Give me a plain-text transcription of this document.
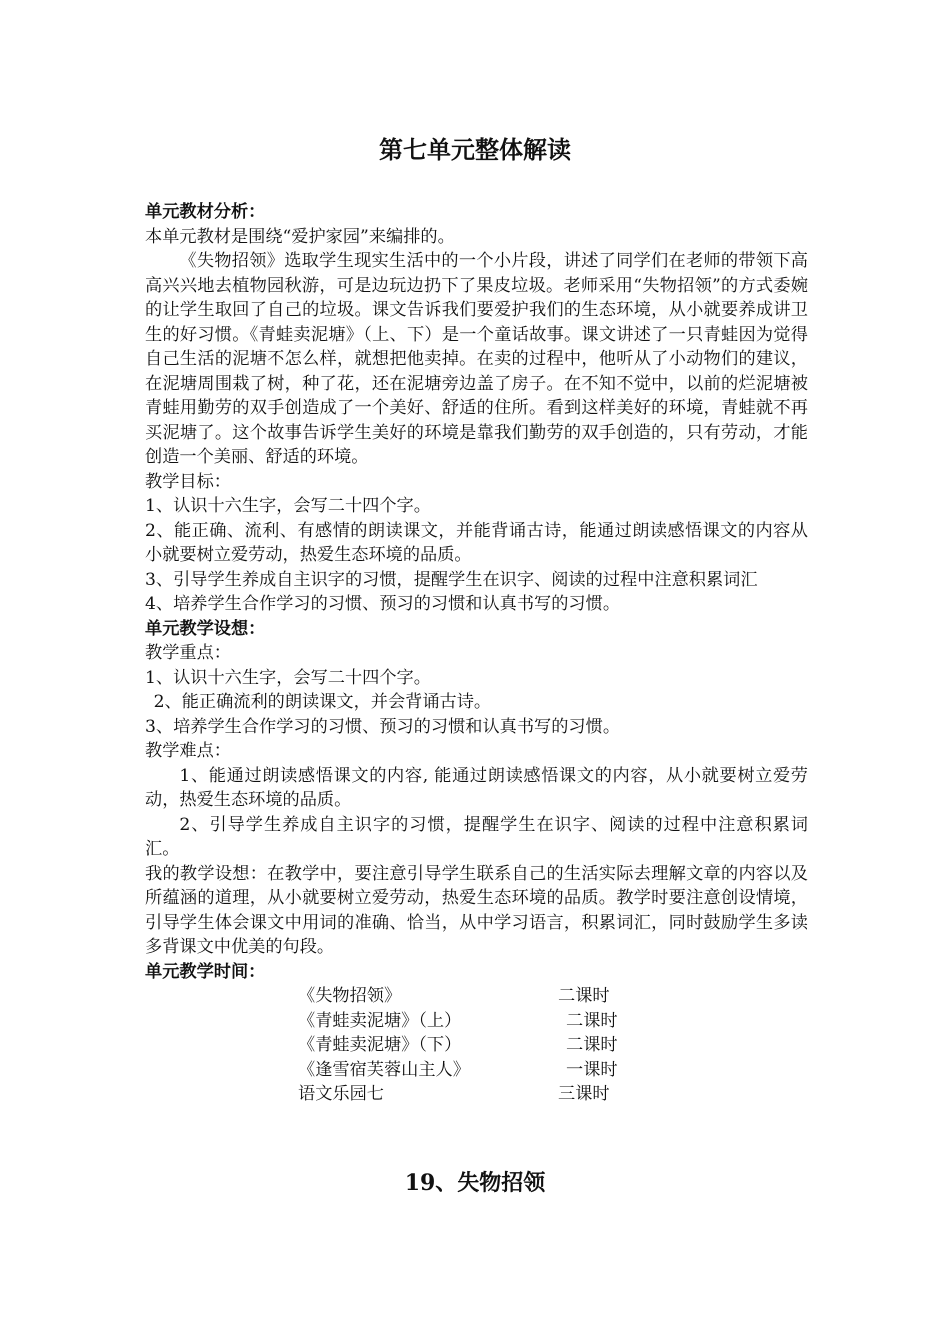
第七单元整体解读

单元教材分析：

本单元教材是围绕“爱护家园”来编排的。

《失物招领》选取学生现实生活中的一个小片段，讲述了同学们在老师的带领下高高兴兴地去植物园秋游，可是边玩边扔下了果皮垃圾。老师采用“失物招领”的方式委婉的让学生取回了自己的垃圾。课文告诉我们要爱护我们的生态环境，从小就要养成讲卫生的好习惯。《青蛙卖泥塘》（上、下）是一个童话故事。课文讲述了一只青蛙因为觉得自己生活的泥塘不怎么样，就想把他卖掉。在卖的过程中，他听从了小动物们的建议，在泥塘周围栽了树，种了花，还在泥塘旁边盖了房子。在不知不觉中，以前的烂泥塘被青蛙用勤劳的双手创造成了一个美好、舒适的住所。看到这样美好的环境，青蛙就不再买泥塘了。这个故事告诉学生美好的环境是靠我们勤劳的双手创造的，只有劳动，才能创造一个美丽、舒适的环境。

教学目标：

1、认识十六生字，会写二十四个字。

2、能正确、流利、有感情的朗读课文，并能背诵古诗，能通过朗读感悟课文的内容从小就要树立爱劳动，热爱生态环境的品质。

3、引导学生养成自主识字的习惯，提醒学生在识字、阅读的过程中注意积累词汇

4、培养学生合作学习的习惯、预习的习惯和认真书写的习惯。

单元教学设想：

教学重点：

1、认识十六生字，会写二十四个字。

2、能正确流利的朗读课文，并会背诵古诗。

3、培养学生合作学习的习惯、预习的习惯和认真书写的习惯。

教学难点：

1、能通过朗读感悟课文的内容, 能通过朗读感悟课文的内容，从小就要树立爱劳动，热爱生态环境的品质。

2、引导学生养成自主识字的习惯，提醒学生在识字、阅读的过程中注意积累词汇。

我的教学设想：在教学中，要注意引导学生联系自己的生活实际去理解文章的内容以及所蕴涵的道理，从小就要树立爱劳动，热爱生态环境的品质。教学时要注意创设情境，引导学生体会课文中用词的准确、恰当，从中学习语言，积累词汇，同时鼓励学生多读多背课文中优美的句段。

单元教学时间：

《失物招领》	二课时
《青蛙卖泥塘》（上）	二课时
《青蛙卖泥塘》（下）	二课时
《逢雪宿芙蓉山主人》	一课时
语文乐园七	三课时
19、失物招领
